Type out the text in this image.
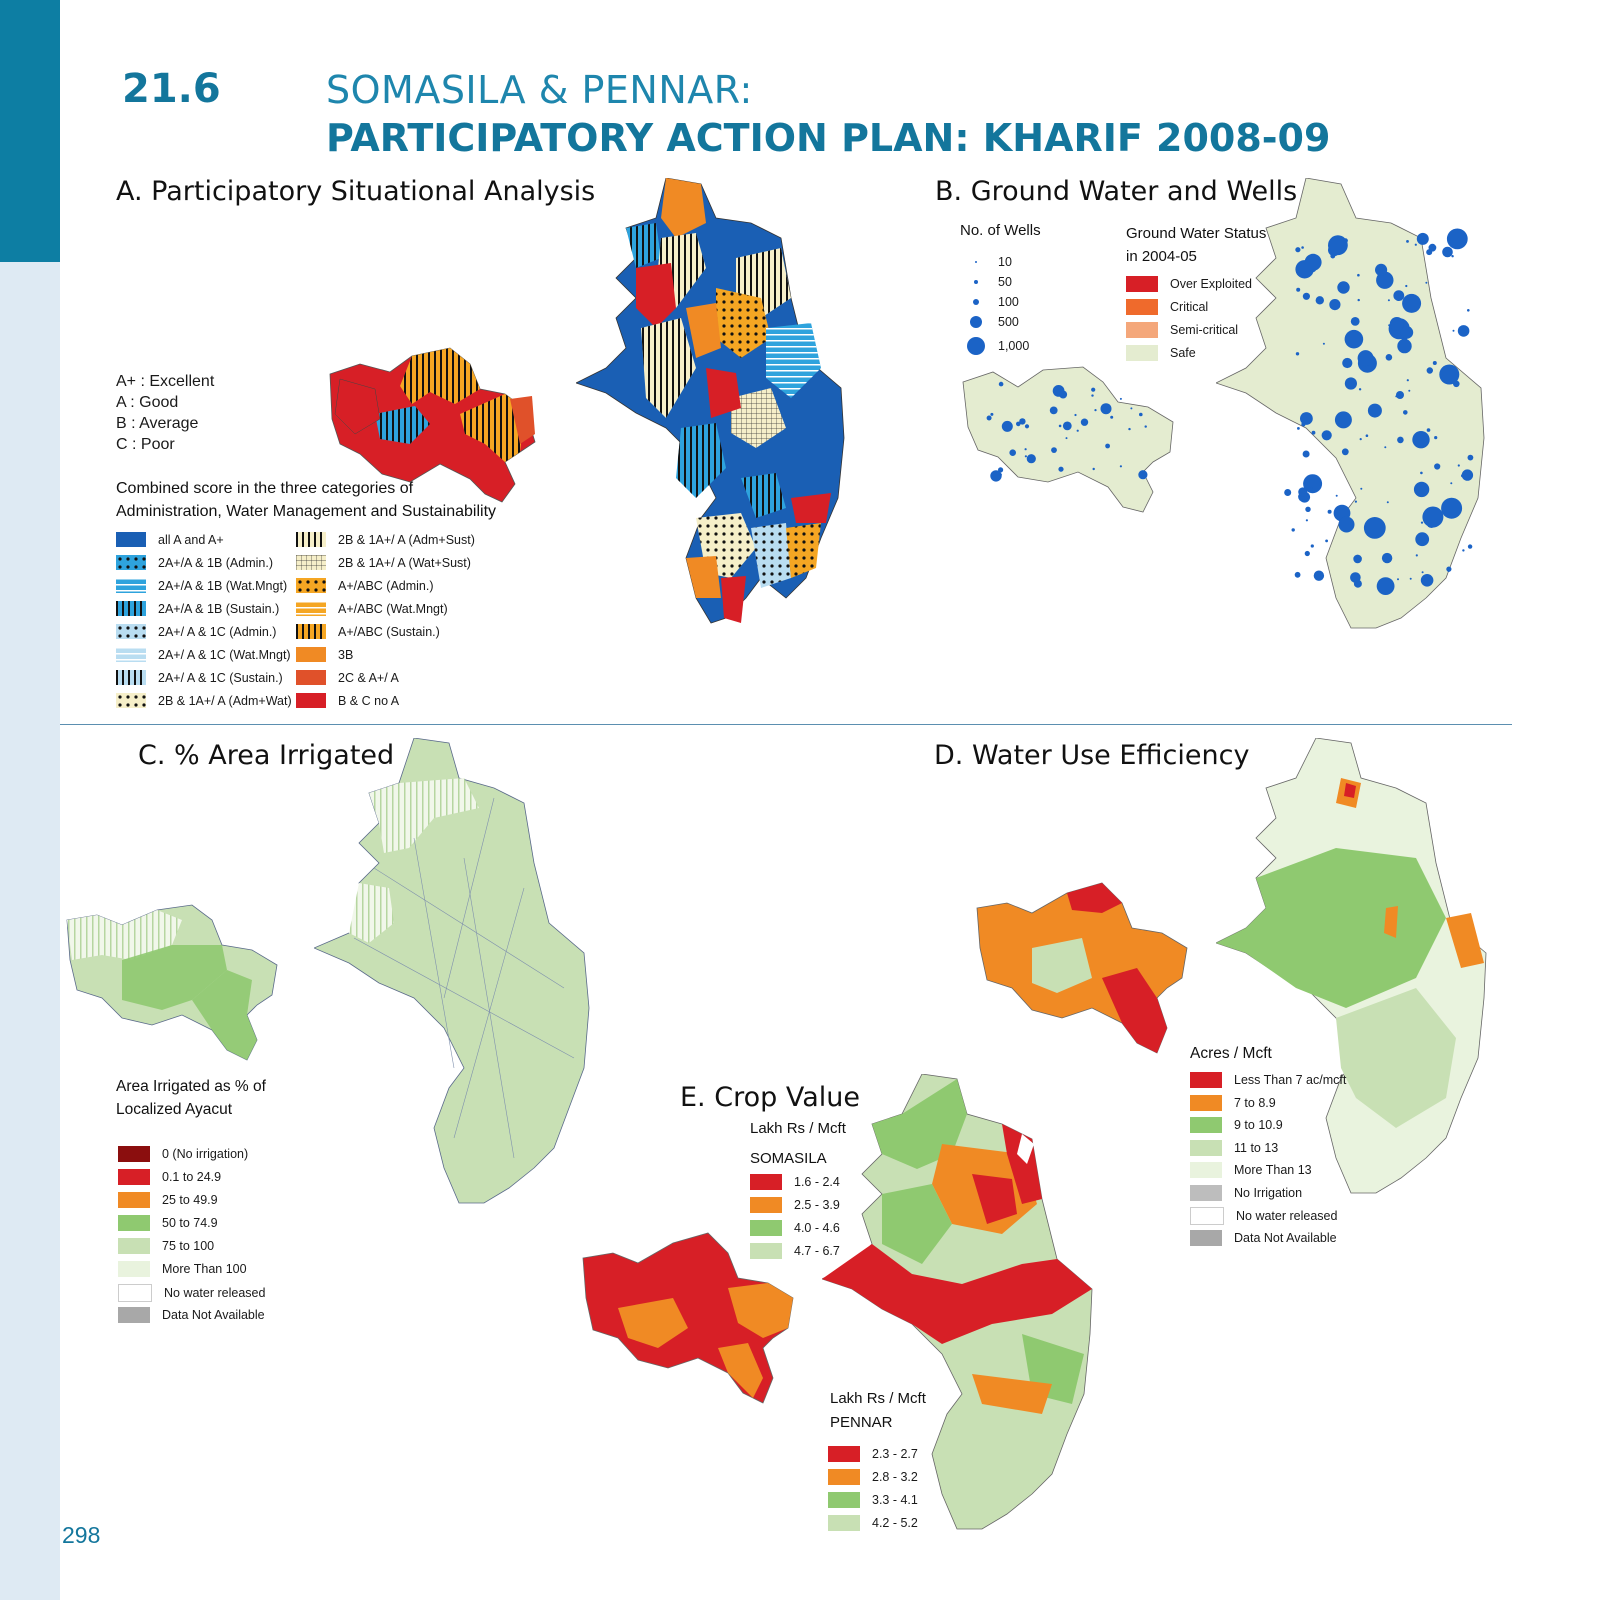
21.6	SOMASILA & PENNAR:
PARTICIPATORY ACTION PLAN: KHARIF 2008-09
A. Participatory Situational Analysis
A+ : Excellent
A : Good
B : Average
C : Poor
Combined score in the three categories of
Administration, Water Management and Sustainability
all A and A+
2A+/A & 1B (Admin.)
2A+/A & 1B (Wat.Mngt)
2A+/A & 1B (Sustain.)
2A+/ A & 1C (Admin.)
2A+/ A & 1C (Wat.Mngt)
2A+/ A & 1C (Sustain.)
2B & 1A+/ A (Adm+Wat)
2B & 1A+/ A (Adm+Sust)
2B & 1A+/ A (Wat+Sust)
A+/ABC (Admin.)
A+/ABC (Wat.Mngt)
A+/ABC (Sustain.)
3B
2C & A+/ A
B & C no A
B. Ground Water and Wells
No. of Wells
10
50
100
500
1,000
Ground Water Status
in 2004-05
Over Exploited
Critical
Semi-critical
Safe
C. % Area Irrigated
Area Irrigated as % of
Localized Ayacut
0 (No irrigation)
0.1 to 24.9
25 to 49.9
50 to 74.9
75 to 100
More Than 100
No water released
Data Not Available
D. Water Use Efficiency
Acres / Mcft
Less Than 7 ac/mcft
7 to 8.9
9 to 10.9
11 to 13
More Than 13
No Irrigation
No water released
Data Not Available
E. Crop Value
Lakh Rs / Mcft
SOMASILA
1.6 - 2.4
2.5 - 3.9
4.0 - 4.6
4.7 - 6.7
Lakh Rs / Mcft
PENNAR
2.3 - 2.7
2.8 - 3.2
3.3 - 4.1
4.2 - 5.2
298
